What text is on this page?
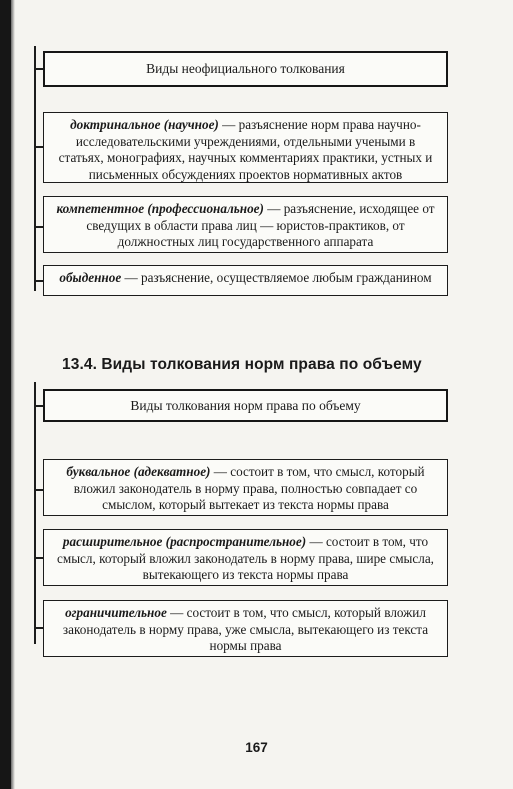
Виды неофициального толкования
доктринальное (научное) — разъяснение норм права научно-исследовательскими учреждениями, отдельными учеными в статьях, монографиях, научных комментариях практики, устных и письменных обсуждениях проектов нормативных актов
компетентное (профессиональное) — разъяснение, исходящее от сведущих в области права лиц — юристов-практиков, от должностных лиц государственного аппарата
обыденное — разъяснение, осуществляемое любым гражданином
13.4. Виды толкования норм права по объему
Виды толкования норм права по объему
буквальное (адекватное) — состоит в том, что смысл, который вложил законодатель в норму права, полностью совпадает со смыслом, который вытекает из текста нормы права
расширительное (распространительное) — состоит в том, что смысл, который вложил законодатель в норму права, шире смысла, вытекающего из текста нормы права
ограничительное — состоит в том, что смысл, который вложил законодатель в норму права, уже смысла, вытекающего из текста нормы права
167
